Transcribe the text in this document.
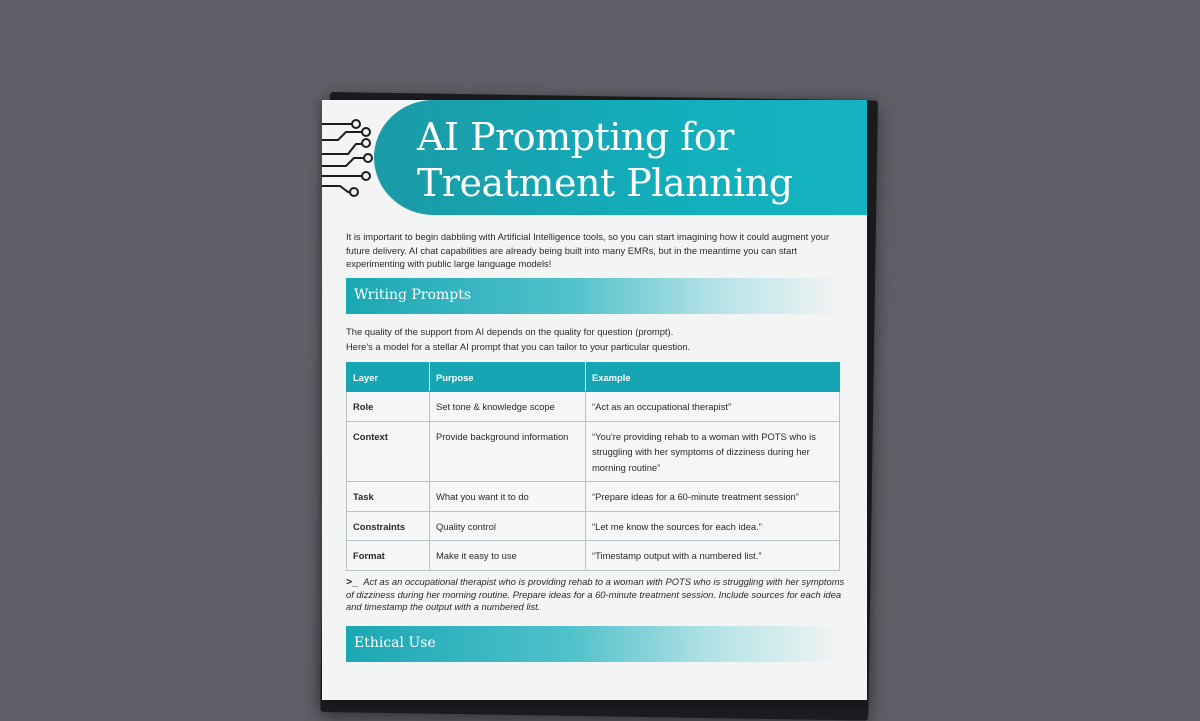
AI Prompting for
Treatment Planning
It is important to begin dabbling with Artificial Intelligence tools, so you can start imagining how it could augment your future delivery. AI chat capabilities are already being built into many EMRs, but in the meantime you can start experimenting with public large language models!
Writing Prompts
The quality of the support from AI depends on the quality for question (prompt).
Here's a model for a stellar AI prompt that you can tailor to your particular question.
Layer	Purpose	Example
Role	Set tone & knowledge scope	“Act as an occupational therapist”
Context	Provide background information	“You're providing rehab to a woman with POTS who is struggling with her symptoms of dizziness during her morning routine”
Task	What you want it to do	“Prepare ideas for a 60-minute treatment session”
Constraints	Quality control	“Let me know the sources for each idea.”
Format	Make it easy to use	“Timestamp output with a numbered list.”
>_ Act as an occupational therapist who is providing rehab to a woman with POTS who is struggling with her symptoms of dizziness during her morning routine. Prepare ideas for a 60-minute treatment session. Include sources for each idea and timestamp the output with a numbered list.
Ethical Use
